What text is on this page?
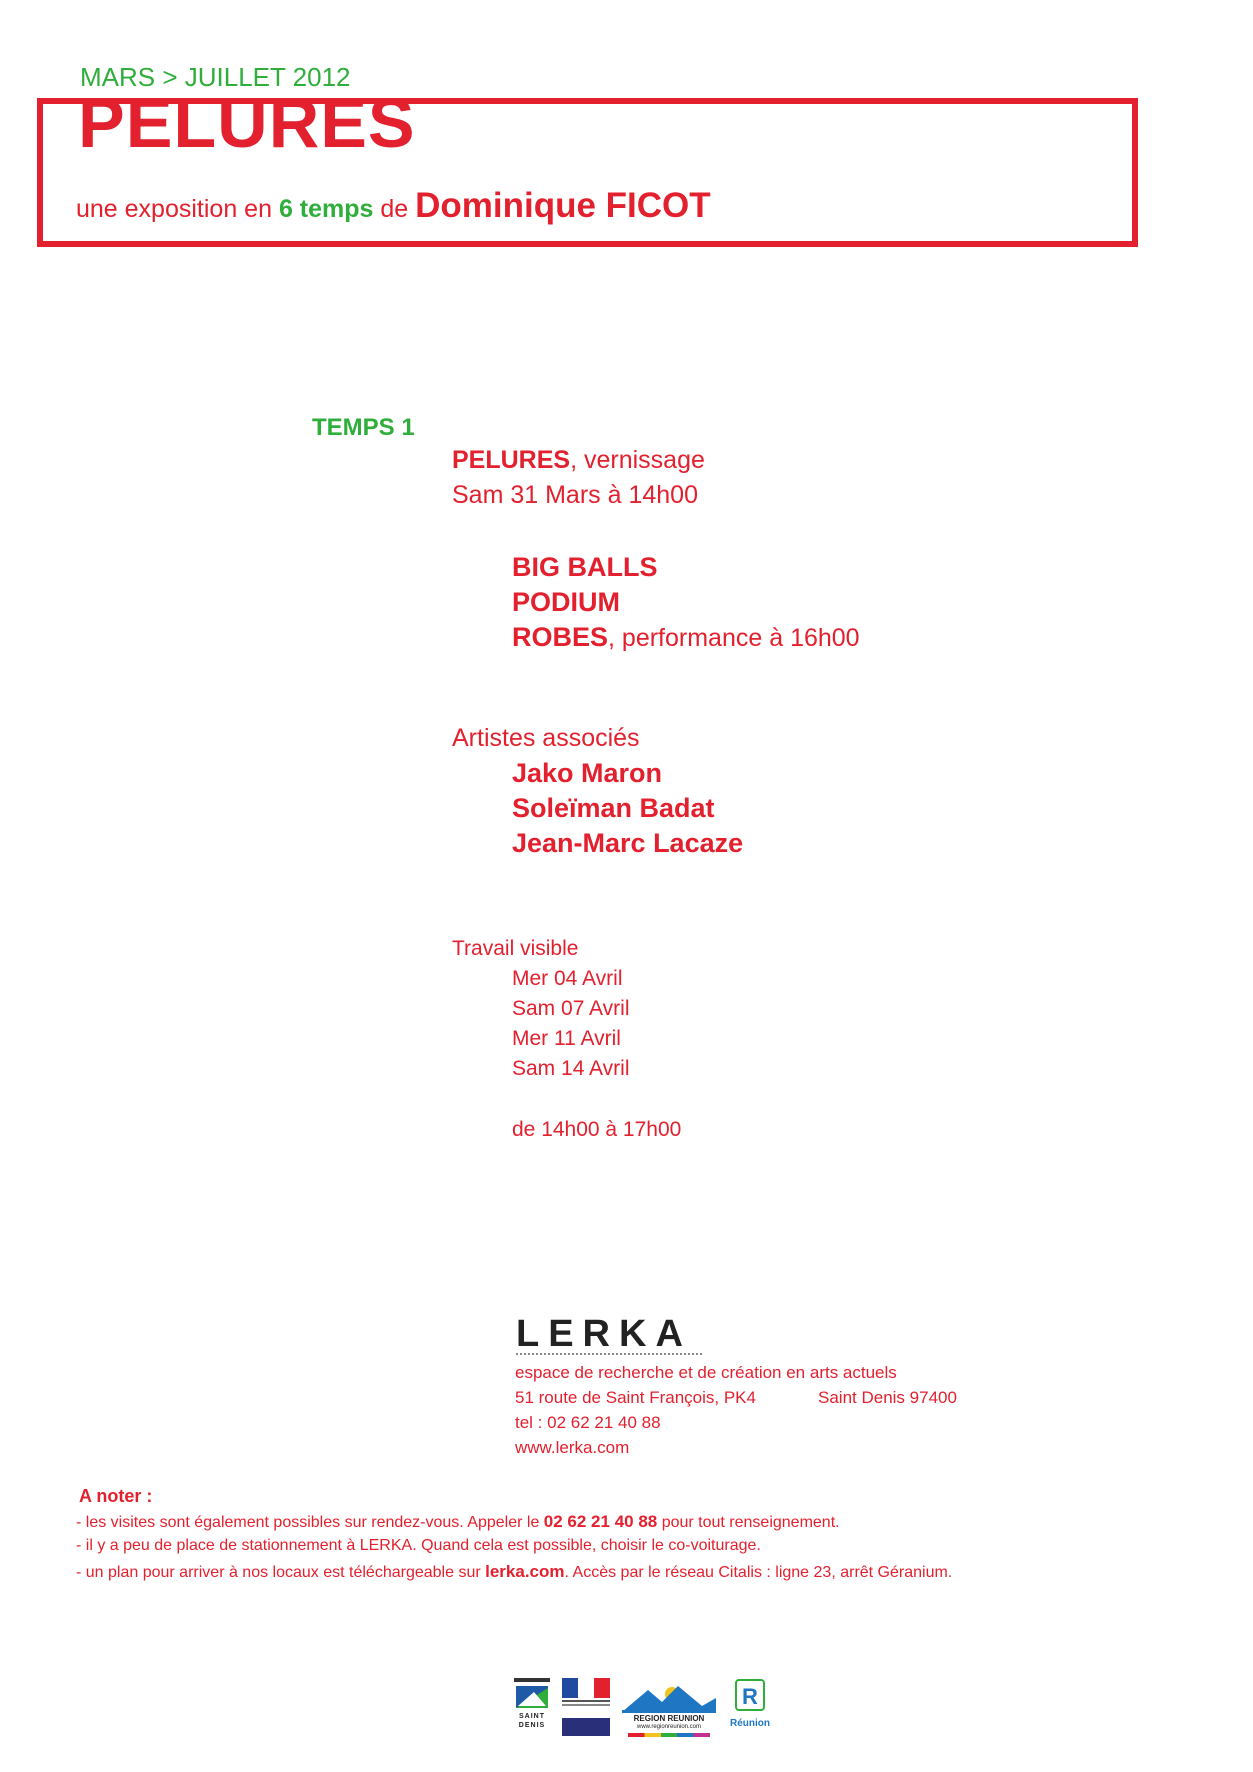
MARS > JUILLET 2012
PELURES
une exposition en 6 temps de Dominique FICOT
TEMPS 1
PELURES, vernissage
Sam 31 Mars à 14h00
BIG BALLS
PODIUM
ROBES, performance à 16h00
Artistes associés
Jako Maron
Soleïman Badat
Jean-Marc Lacaze
Travail visible
Mer 04 Avril
Sam 07 Avril
Mer 11 Avril
Sam 14 Avril
de 14h00 à 17h00
LERKA
espace de recherche et de création en arts actuels
51 route de Saint François, PK4	Saint Denis 97400
tel : 02 62 21 40 88
www.lerka.com
A noter :
- les visites sont également possibles sur rendez-vous. Appeler le 02 62 21 40 88 pour tout renseignement.
- il y a peu de place de stationnement à LERKA. Quand cela est possible, choisir le co-voiturage.
- un plan pour arriver à nos locaux est téléchargeable sur lerka.com. Accès par le réseau Citalis : ligne 23, arrêt Géranium.
SAINT
DENIS
REGION REUNION
www.regionreunion.com
R
Réunion
